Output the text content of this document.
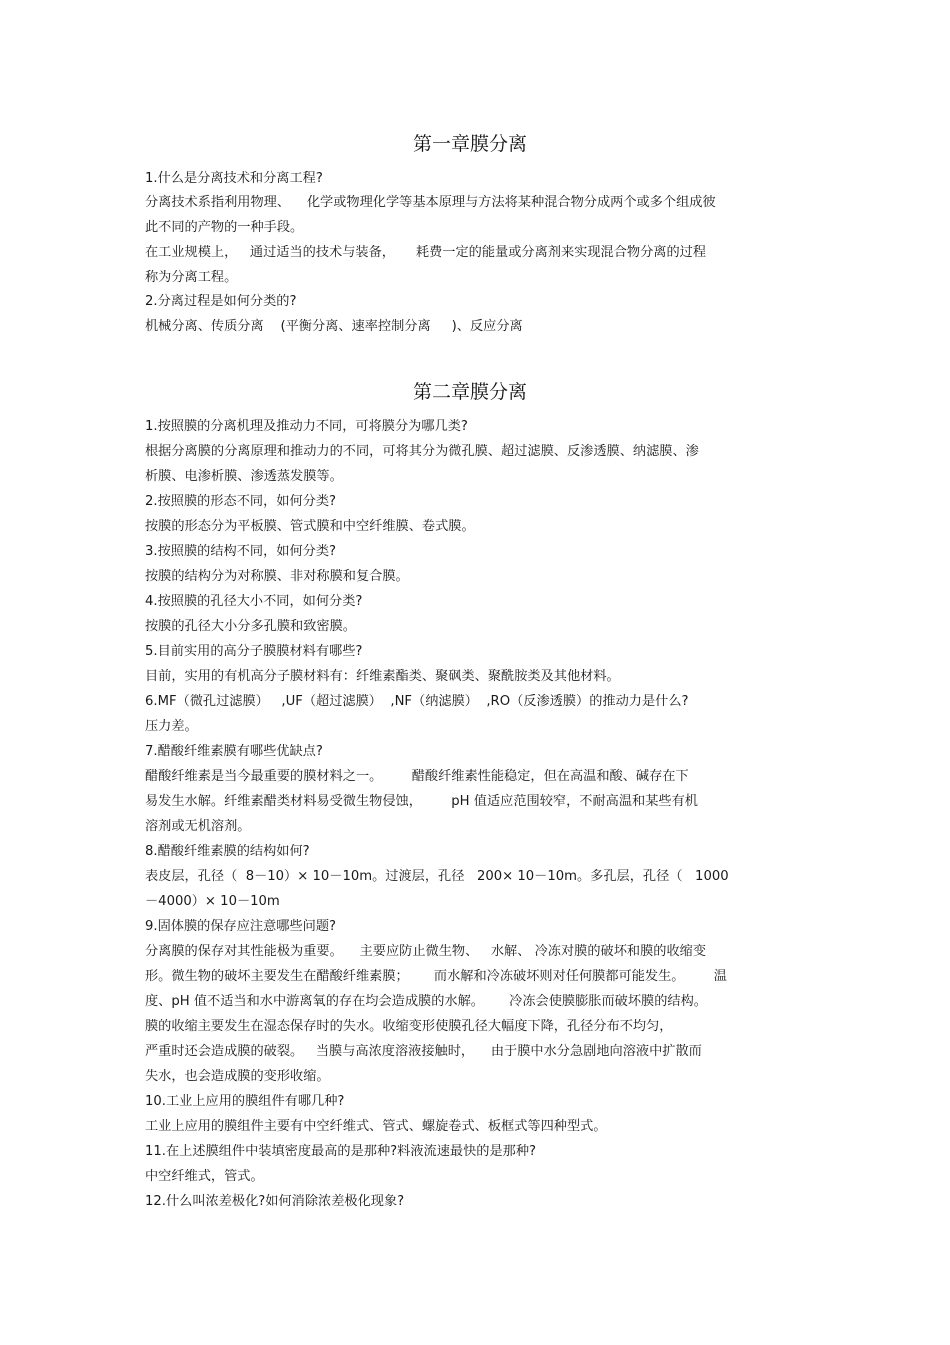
第一章膜分离
1.什么是分离技术和分离工程?
分离技术系指利用物理、    化学或物理化学等基本原理与方法将某种混合物分成两个或多个组成彼
此不同的产物的一种手段。
在工业规模上，   通过适当的技术与装备，     耗费一定的能量或分离剂来实现混合物分离的过程
称为分离工程。
2.分离过程是如何分类的?
机械分离、传质分离    (平衡分离、速率控制分离     )、反应分离
第二章膜分离
1.按照膜的分离机理及推动力不同，可将膜分为哪几类?
根据分离膜的分离原理和推动力的不同，可将其分为微孔膜、超过滤膜、反渗透膜、纳滤膜、渗
析膜、电渗析膜、渗透蒸发膜等。
2.按照膜的形态不同，如何分类?
按膜的形态分为平板膜、管式膜和中空纤维膜、卷式膜。
3.按照膜的结构不同，如何分类?
按膜的结构分为对称膜、非对称膜和复合膜。
4.按照膜的孔径大小不同，如何分类?
按膜的孔径大小分多孔膜和致密膜。
5.目前实用的高分子膜膜材料有哪些?
目前，实用的有机高分子膜材料有：纤维素酯类、聚砜类、聚酰胺类及其他材料。
6.MF（微孔过滤膜）   ,UF（超过滤膜）  ,NF（纳滤膜）  ,RO（反渗透膜）的推动力是什么?
压力差。
7.醋酸纤维素膜有哪些优缺点?
醋酸纤维素是当今最重要的膜材料之一。       醋酸纤维素性能稳定，但在高温和酸、碱存在下
易发生水解。纤维素醋类材料易受微生物侵蚀，       pH 值适应范围较窄，不耐高温和某些有机
溶剂或无机溶剂。
8.醋酸纤维素膜的结构如何?
表皮层，孔径（  8－10）× 10－10m。过渡层，孔径   200× 10－10m。多孔层，孔径（   1000
－4000）× 10－10m
9.固体膜的保存应注意哪些问题?
分离膜的保存对其性能极为重要。    主要应防止微生物、   水解、 冷冻对膜的破坏和膜的收缩变
形。微生物的破坏主要发生在醋酸纤维素膜；      而水解和冷冻破坏则对任何膜都可能发生。       温
度、pH 值不适当和水中游离氧的存在均会造成膜的水解。      冷冻会使膜膨胀而破坏膜的结构。
膜的收缩主要发生在湿态保存时的失水。收缩变形使膜孔径大幅度下降，孔径分布不均匀，
严重时还会造成膜的破裂。   当膜与高浓度溶液接触时，    由于膜中水分急剧地向溶液中扩散而
失水，也会造成膜的变形收缩。
10.工业上应用的膜组件有哪几种?
工业上应用的膜组件主要有中空纤维式、管式、螺旋卷式、板框式等四种型式。
11.在上述膜组件中装填密度最高的是那种?料液流速最快的是那种?
中空纤维式，管式。
12.什么叫浓差极化?如何消除浓差极化现象?
